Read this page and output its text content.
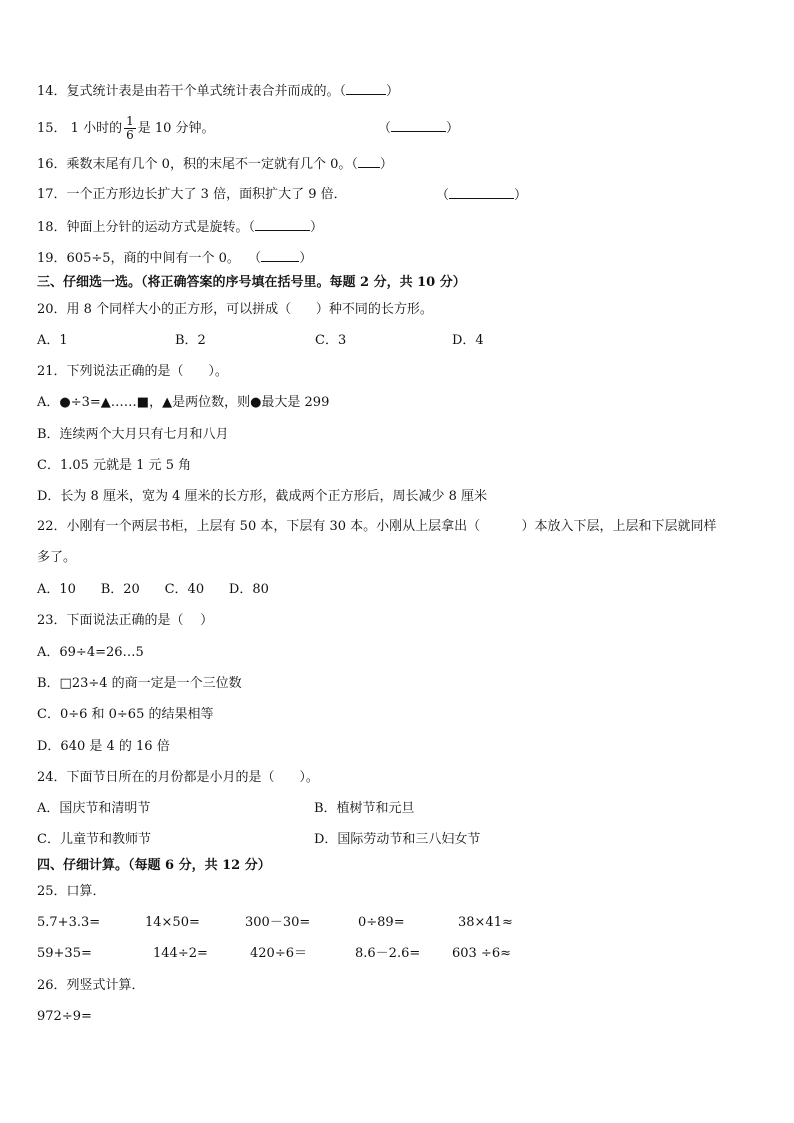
14．复式统计表是由若干个单式统计表合并而成的。（	）
15． 1 小时的 $\frac{1}{6}$ 是 10 分钟。	（	）
16．乘数末尾有几个 0，积的末尾不一定就有几个 0。（ ）
17．一个正方形边长扩大了 3 倍，面积扩大了 9 倍．	（	）
18．钟面上分针的运动方式是旋转。（	）
19．605÷5，商的中间有一个 0。  （	）
三、仔细选一选。（将正确答案的序号填在括号里。每题 2 分，共 10 分）
20．用 8 个同样大小的正方形，可以拼成（      ）种不同的长方形。
A．1	B．2	C．3	D．4
21．下列说法正确的是（      ）。
A．●÷3=▲……■，▲是两位数，则●最大是 299
B．连续两个大月只有七月和八月
C．1.05 元就是 1 元 5 角
D．长为 8 厘米，宽为 4 厘米的长方形，截成两个正方形后，周长减少 8 厘米
22．小刚有一个两层书柜，上层有 50 本，下层有 30 本。小刚从上层拿出（          ）本放入下层，上层和下层就同样
多了。
A．10      B．20      C．40      D．80
23．下面说法正确的是（    ）
A．69÷4=26…5
B．□23÷4 的商一定是一个三位数
C．0÷6 和 0÷65 的结果相等
D．640 是 4 的 16 倍
24．下面节日所在的月份都是小月的是（      ）。
A．国庆节和清明节	B．植树节和元旦
C．儿童节和教师节	D．国际劳动节和三八妇女节
四、仔细计算。（每题 6 分，共 12 分）
25．口算．
5.7+3.3=	14×50=	300－30=	0÷89=	38×41≈
59+35=	144÷2=	420÷6＝	8.6－2.6= 603 ÷6≈
26．列竖式计算．
972÷9=
